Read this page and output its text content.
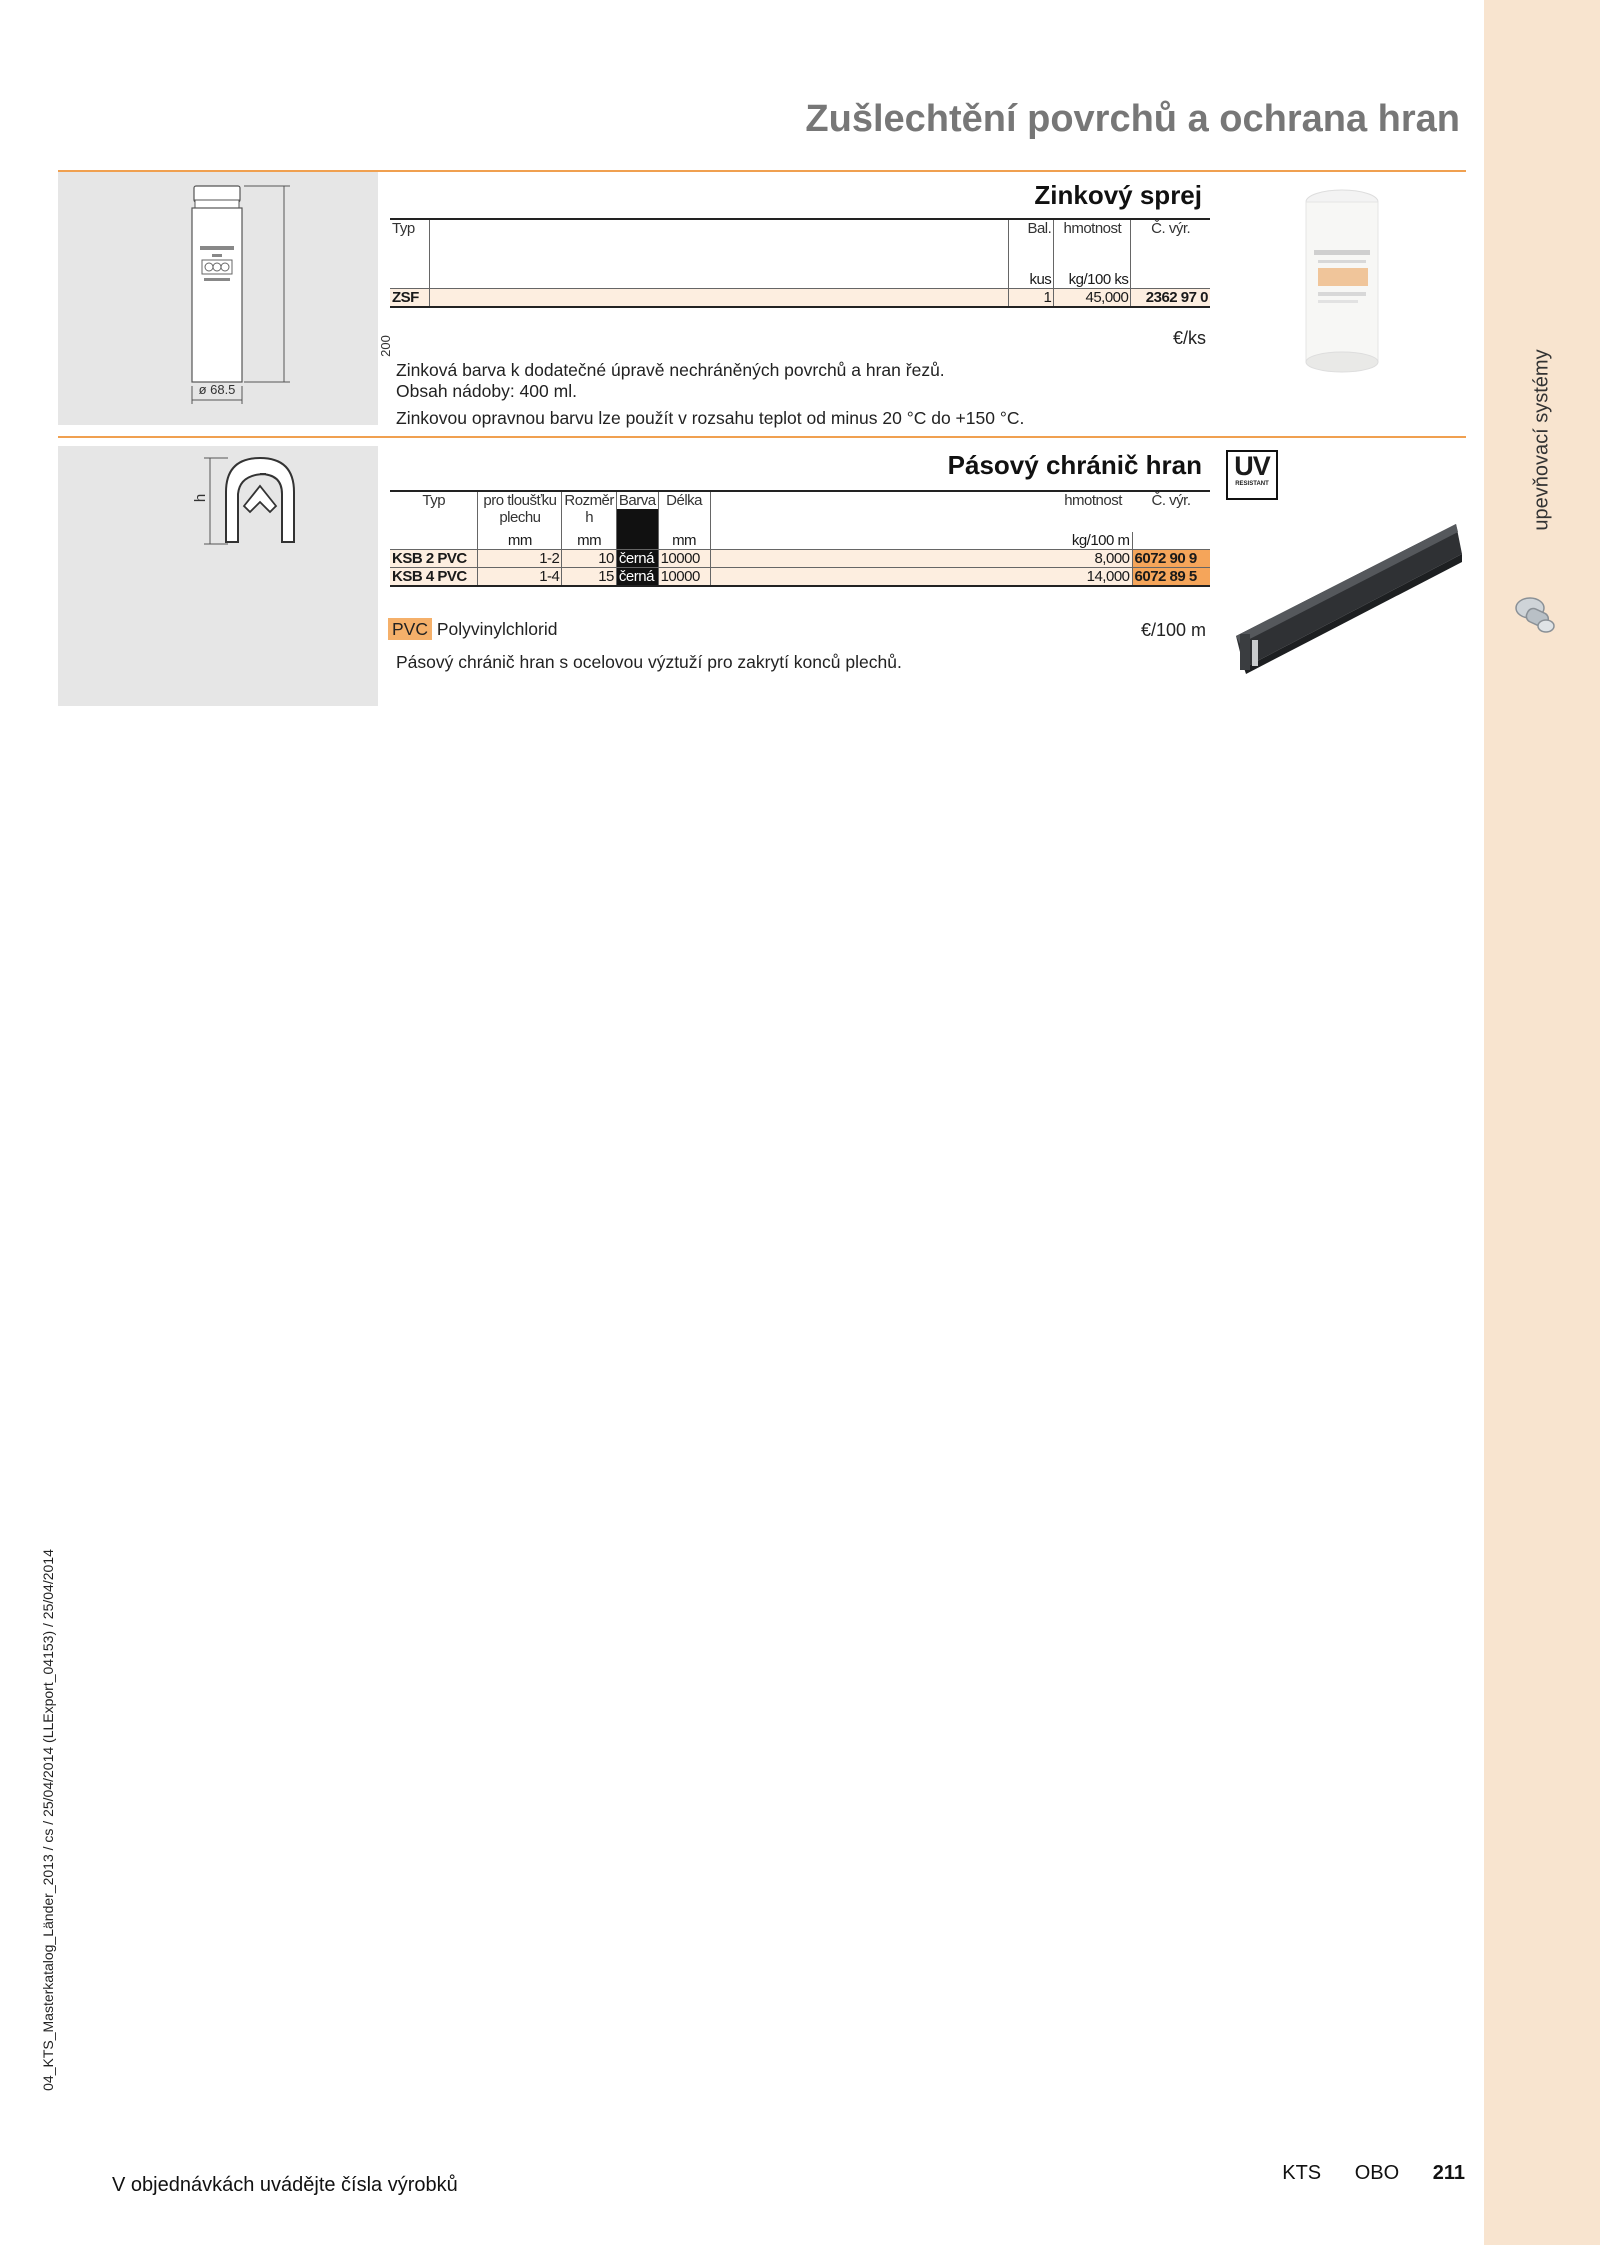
upevňovací systémy
Zušlechtění povrchů a ochrana hran
200
ø 68.5
Zinkový sprej
Typ		Bal.	hmotnost	Č. výr.

		kus	kg/100 ks	
ZSF		1	45,000	2362 97 0
€/ks
Zinková barva k dodatečné úpravě nechráněných povrchů a hran řezů.
Obsah nádoby: 400 ml.
Zinkovou opravnou barvu lze použít v rozsahu teplot od minus 20 °C do +150 °C.
h
Pásový chránič hran UV
RESISTANT
Typ	pro tloušťku	Rozměr	Barva	Délka		hmotnost	Č. výr.
	plechu	h					

	mm	mm		mm		kg/100 m	
KSB 2 PVC	1-2	10	černá	10000		8,000	6072 90 9
KSB 4 PVC	1-4	15	černá	10000		14,000	6072 89 5
PVC Polyvinylchlorid	€/100 m
Pásový chránič hran s ocelovou výztuží pro zakrytí konců plechů.
04_KTS_Masterkatalog_Länder_2013 / cs / 25/04/2014 (LLExport_04153) / 25/04/2014
V objednávkách uvádějte čísla výrobků
KTS OBO 211
